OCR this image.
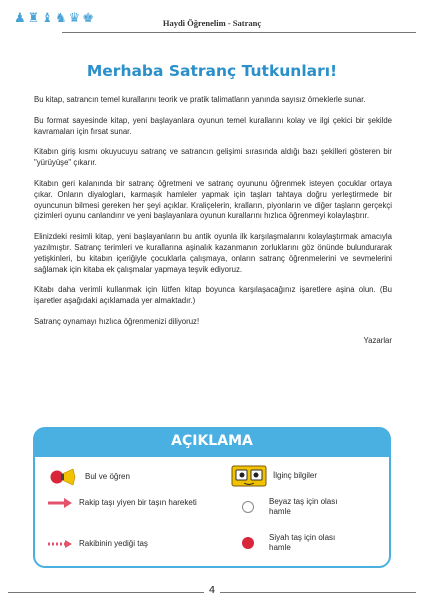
♟ ♜ ♝ ♞ ♛ ♚	Haydi Öğrenelim - Satranç
Merhaba Satranç Tutkunları!

Bu kitap, satrancın temel kurallarını teorik ve pratik talimatların yanında sayısız örneklerle sunar.

Bu format sayesinde kitap, yeni başlayanlara oyunun temel kurallarını kolay ve ilgi çekici bir şekilde kavramaları için fırsat sunar.

Kitabın giriş kısmı okuyucuyu satranç ve satrancın gelişimi sırasında aldığı bazı şekilleri gösteren bir "yürüyüşe" çıkarır.

Kitabın geri kalanında bir satranç öğretmeni ve satranç oyununu öğrenmek isteyen çocuklar ortaya çıkar. Onların diyalogları, karmaşık hamleler yapmak için taşları tahtaya doğru yerleştirmede bir oyuncunun bilmesi gereken her şeyi açıklar. Kraliçelerin, kralların, piyonların ve diğer taşların gerçekçi çizimleri oyunu canlandırır ve yeni başlayanlara oyunun kurallarını hızlıca öğrenmeyi kolaylaştırır.

Elinizdeki resimli kitap, yeni başlayanların bu antik oyunla ilk karşılaşmalarını kolaylaştırmak amacıyla yazılmıştır. Satranç terimleri ve kurallarına aşinalık kazanmanın zorluklarını göz önünde bulundurarak yetişkinleri, bu kitabın içeriğiyle çocuklarla çalışmaya, onların satranç öğrenmelerini ve sevmelerini sağlamak için kitaba ek çalışmalar yapmaya teşvik ediyoruz.

Kitabı daha verimli kullanmak için lütfen kitap boyunca karşılaşacağınız işaretlere aşina olun. (Bu işaretler aşağıdaki açıklamada yer almaktadır.)

Satranç oynamayı hızlıca öğrenmenizi diliyoruz!

Yazarlar

AÇIKLAMA
Bul ve öğren	İlginç bilgiler
Rakip taşı yiyen bir taşın hareketi	Beyaz taş için olası hamle
Rakibinin yediği taş
Siyah taş için olası hamle
4
